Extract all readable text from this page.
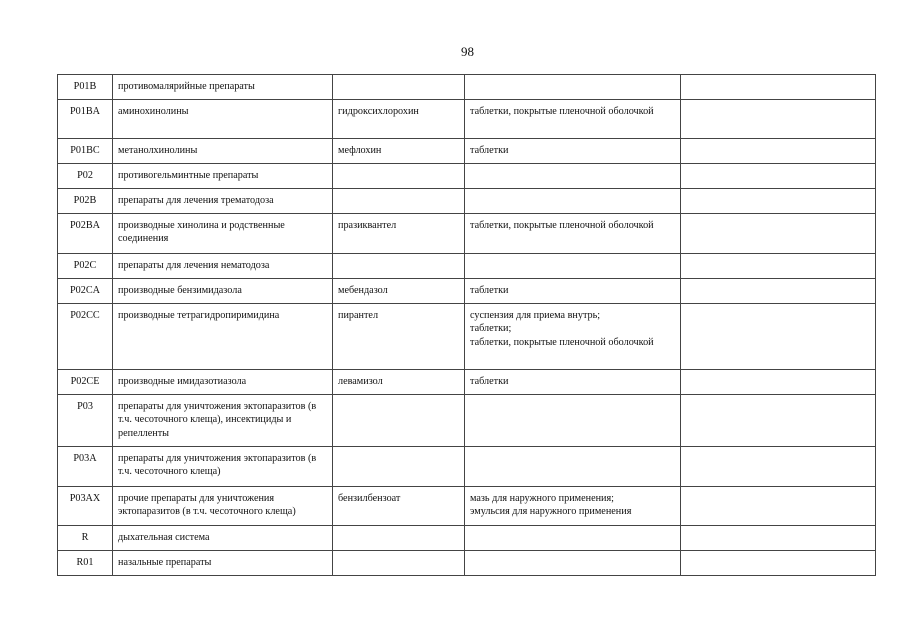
98
P01B	противомалярийные препараты			
P01BA	аминохинолины	гидроксихлорохин	таблетки, покрытые пленочной оболочкой	
P01BC	метанолхинолины	мефлохин	таблетки	
P02	противогельминтные препараты			
P02B	препараты для лечения трематодоза			
P02BA	производные хинолина и родственные соединения	празиквантел	таблетки, покрытые пленочной оболочкой	
P02C	препараты для лечения нематодоза			
P02CA	производные бензимидазола	мебендазол	таблетки	
P02CC	производные тетрагидропиримидина	пирантел	суспензия для приема внутрь;
таблетки;
таблетки, покрытые пленочной оболочкой	

P02CE	производные имидазотиазола	левамизол	таблетки	
P03	препараты для уничтожения эктопаразитов (в т.ч. чесоточного клеща), инсектициды и репелленты			
P03A	препараты для уничтожения эктопаразитов (в т.ч. чесоточного клеща)			
P03AX	прочие препараты для уничтожения эктопаразитов (в т.ч. чесоточного клеща)	бензилбензоат	мазь для наружного применения;
эмульсия для наружного применения	

R	дыхательная система			
R01	назальные препараты			
